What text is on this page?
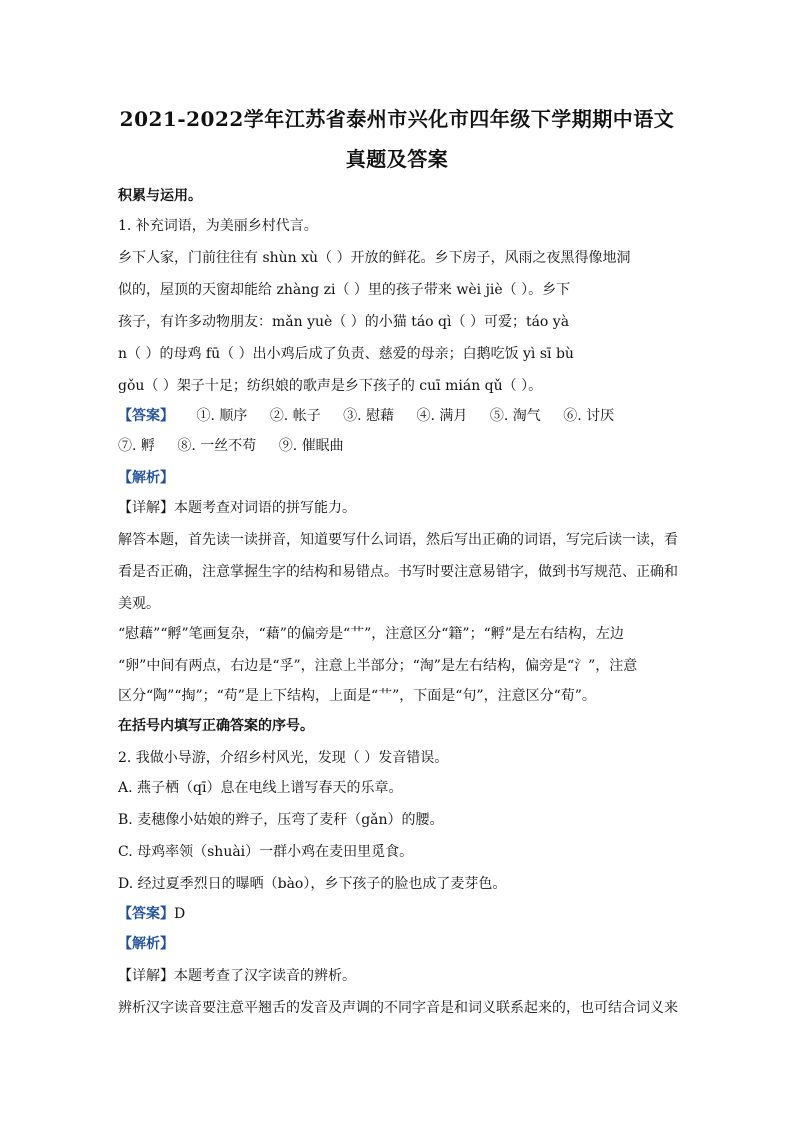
2021-2022学年江苏省泰州市兴化市四年级下学期期中语文
真题及答案
积累与运用。
1. 补充词语，为美丽乡村代言。
乡下人家，门前往往有 shùn xù（ ）开放的鲜花。乡下房子，风雨之夜黑得像地洞
似的，屋顶的天窗却能给 zhàng zi（ ）里的孩子带来 wèi jiè（ ）。乡下
孩子，有许多动物朋友：mǎn yuè（ ）的小猫 táo qì（ ）可爱；táo yà
n（ ）的母鸡 fū（ ）出小鸡后成了负责、慈爱的母亲；白鹅吃饭 yì sī bù
gǒu（ ）架子十足；纺织娘的歌声是乡下孩子的 cuī mián qǔ（ ）。
【答案】 ①. 顺序 ②. 帐子 ③. 慰藉 ④. 满月 ⑤. 淘气 ⑥. 讨厌
⑦. 孵 ⑧. 一丝不苟 ⑨. 催眠曲
【解析】
【详解】本题考查对词语的拼写能力。
解答本题，首先读一读拼音，知道要写什么词语，然后写出正确的词语，写完后读一读，看
看是否正确，注意掌握生字的结构和易错点。书写时要注意易错字，做到书写规范、正确和
美观。
“慰藉”“孵”笔画复杂，“藉”的偏旁是“艹”，注意区分“籍”；“孵”是左右结构，左边
“卵”中间有两点，右边是“孚”，注意上半部分；“淘”是左右结构，偏旁是“氵”，注意
区分“陶”“掏”；“苟”是上下结构，上面是“艹”，下面是“句”，注意区分“荀”。
在括号内填写正确答案的序号。
2. 我做小导游，介绍乡村风光，发现（ ）发音错误。
A. 燕子栖（qī）息在电线上谱写春天的乐章。
B. 麦穗像小姑娘的辫子，压弯了麦秆（gǎn）的腰。
C. 母鸡率领（shuài）一群小鸡在麦田里觅食。
D. 经过夏季烈日的曝晒（bào），乡下孩子的脸也成了麦芽色。
【答案】D
【解析】
【详解】本题考查了汉字读音的辨析。
辨析汉字读音要注意平翘舌的发音及声调的不同字音是和词义联系起来的，也可结合词义来
